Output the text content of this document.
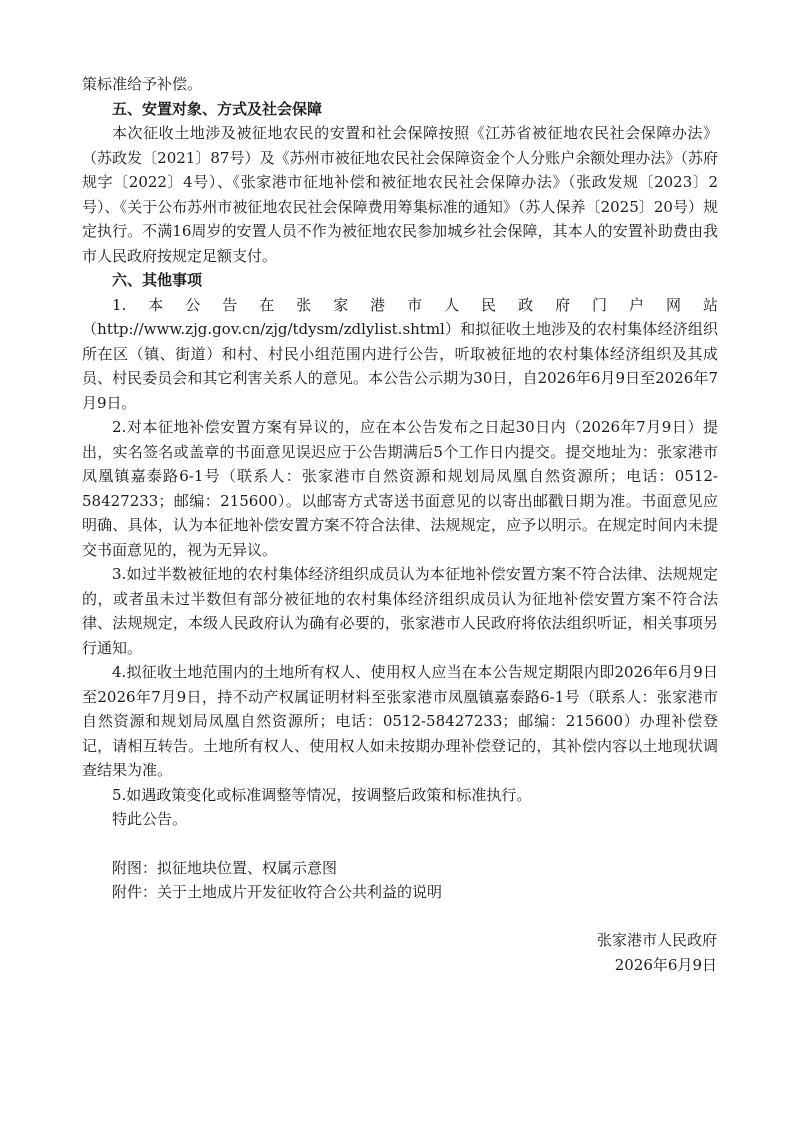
策标准给予补偿。

五、安置对象、方式及社会保障

本次征收土地涉及被征地农民的安置和社会保障按照《江苏省被征地农民社会保障办法》（苏政发〔2021〕87号）及《苏州市被征地农民社会保障资金个人分账户余额处理办法》（苏府规字〔2022〕4号）、《张家港市征地补偿和被征地农民社会保障办法》（张政发规〔2023〕2号）、《关于公布苏州市被征地农民社会保障费用筹集标准的通知》（苏人保养〔2025〕20号）规定执行。不满16周岁的安置人员不作为被征地农民参加城乡社会保障，其本人的安置补助费由我市人民政府按规定足额支付。

六、其他事项

1.本公告在张家港市人民政府门户网站（http://www.zjg.gov.cn/zjg/tdysm/zdlylist.shtml）和拟征收土地涉及的农村集体经济组织所在区（镇、街道）和村、村民小组范围内进行公告，听取被征地的农村集体经济组织及其成员、村民委员会和其它利害关系人的意见。本公告公示期为30日，自2026年6月9日至2026年7月9日。

2.对本征地补偿安置方案有异议的，应在本公告发布之日起30日内（2026年7月9日）提出，实名签名或盖章的书面意见误迟应于公告期满后5个工作日内提交。提交地址为：张家港市凤凰镇嘉泰路6-1号（联系人：张家港市自然资源和规划局凤凰自然资源所；电话：0512-58427233；邮编：215600）。以邮寄方式寄送书面意见的以寄出邮戳日期为准。书面意见应明确、具体，认为本征地补偿安置方案不符合法律、法规规定，应予以明示。在规定时间内未提交书面意见的，视为无异议。

3.如过半数被征地的农村集体经济组织成员认为本征地补偿安置方案不符合法律、法规规定的，或者虽未过半数但有部分被征地的农村集体经济组织成员认为征地补偿安置方案不符合法律、法规规定，本级人民政府认为确有必要的，张家港市人民政府将依法组织听证，相关事项另行通知。

4.拟征收土地范围内的土地所有权人、使用权人应当在本公告规定期限内即2026年6月9日至2026年7月9日，持不动产权属证明材料至张家港市凤凰镇嘉泰路6-1号（联系人：张家港市自然资源和规划局凤凰自然资源所；电话：0512-58427233；邮编：215600）办理补偿登记，请相互转告。土地所有权人、使用权人如未按期办理补偿登记的，其补偿内容以土地现状调查结果为准。

5.如遇政策变化或标准调整等情况，按调整后政策和标准执行。

特此公告。

附图：拟征地块位置、权属示意图

附件：关于土地成片开发征收符合公共利益的说明

张家港市人民政府
2026年6月9日
